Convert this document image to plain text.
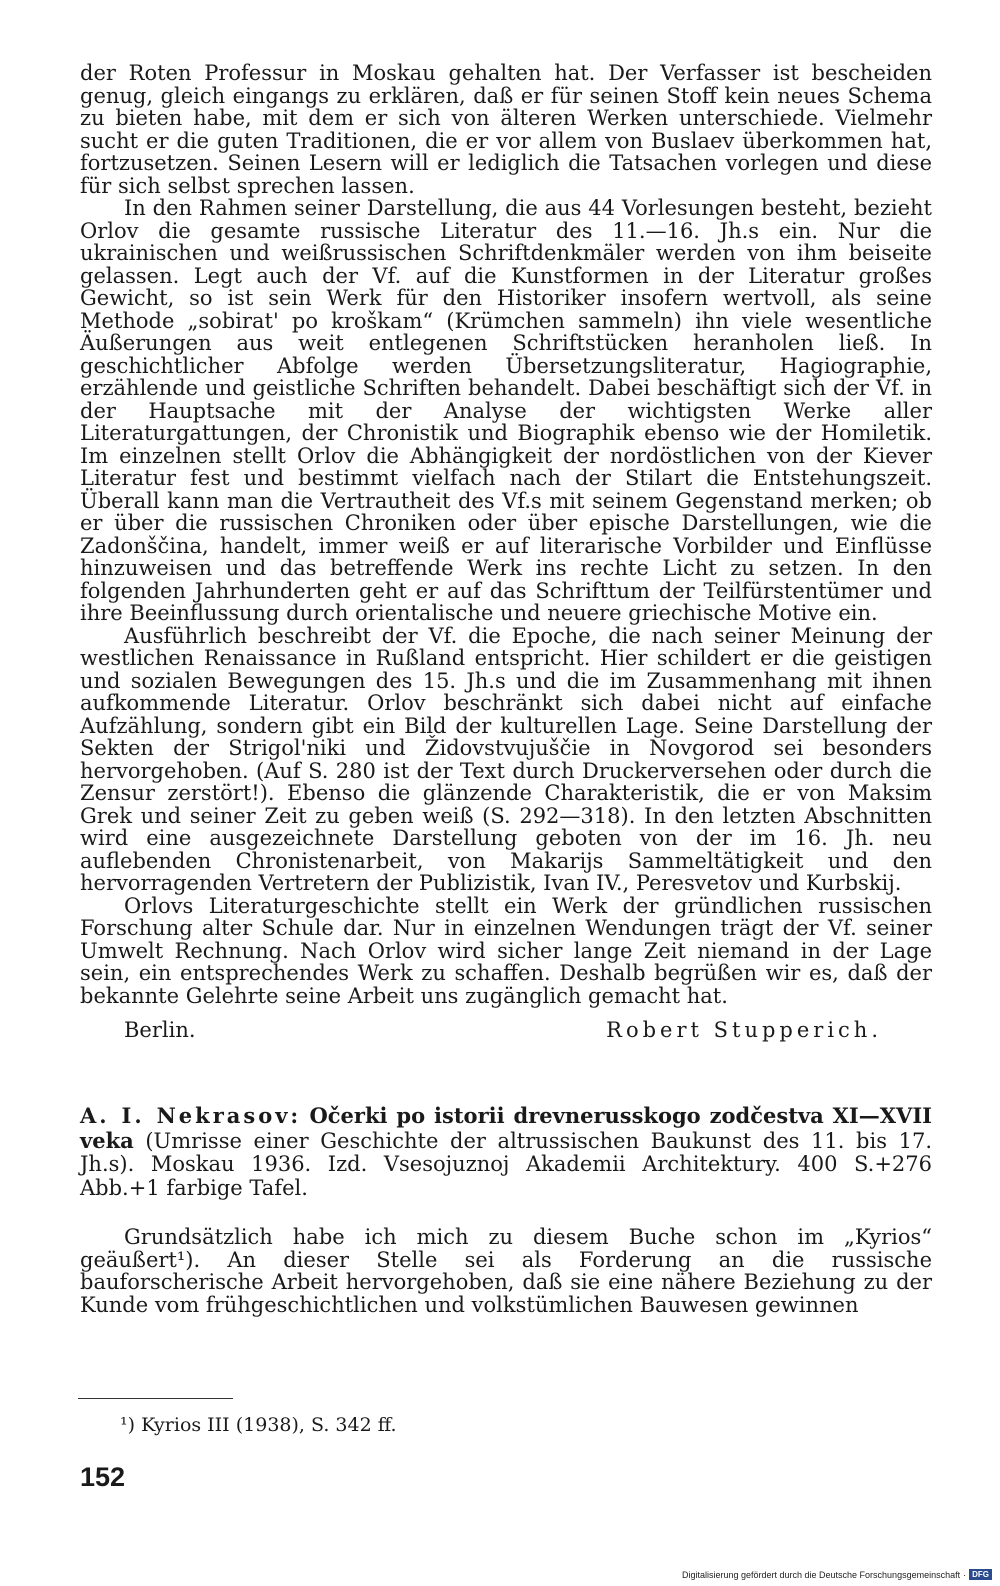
der Roten Professur in Moskau gehalten hat. Der Verfasser ist bescheiden genug, gleich eingangs zu erklären, daß er für seinen Stoff kein neues Schema zu bieten habe, mit dem er sich von älteren Werken unterschiede. Vielmehr sucht er die guten Traditionen, die er vor allem von Buslaev überkommen hat, fortzusetzen. Seinen Lesern will er lediglich die Tatsachen vorlegen und diese für sich selbst sprechen lassen.

In den Rahmen seiner Darstellung, die aus 44 Vorlesungen besteht, bezieht Orlov die gesamte russische Literatur des 11.—16. Jh.s ein. Nur die ukrainischen und weißrussischen Schriftdenkmäler werden von ihm beiseite gelassen. Legt auch der Vf. auf die Kunstformen in der Literatur großes Gewicht, so ist sein Werk für den Historiker insofern wertvoll, als seine Methode „sobirat' po kroškam“ (Krümchen sammeln) ihn viele wesentliche Äußerungen aus weit entlegenen Schriftstücken heranholen ließ. In geschichtlicher Abfolge werden Übersetzungsliteratur, Hagiographie, erzählende und geistliche Schriften behandelt. Dabei beschäftigt sich der Vf. in der Hauptsache mit der Analyse der wichtigsten Werke aller Literaturgattungen, der Chronistik und Biographik ebenso wie der Homiletik. Im einzelnen stellt Orlov die Abhängigkeit der nordöstlichen von der Kiever Literatur fest und bestimmt vielfach nach der Stilart die Entstehungszeit. Überall kann man die Vertrautheit des Vf.s mit seinem Gegenstand merken; ob er über die russischen Chroniken oder über epische Darstellungen, wie die Zadonščina, handelt, immer weiß er auf literarische Vorbilder und Einflüsse hinzuweisen und das betreffende Werk ins rechte Licht zu setzen. In den folgenden Jahrhunderten geht er auf das Schrifttum der Teilfürstentümer und ihre Beeinflussung durch orientalische und neuere griechische Motive ein.

Ausführlich beschreibt der Vf. die Epoche, die nach seiner Meinung der westlichen Renaissance in Rußland entspricht. Hier schildert er die geistigen und sozialen Bewegungen des 15. Jh.s und die im Zusammenhang mit ihnen aufkommende Literatur. Orlov beschränkt sich dabei nicht auf einfache Aufzählung, sondern gibt ein Bild der kulturellen Lage. Seine Darstellung der Sekten der Strigol'niki und Židovstvujuščie in Novgorod sei besonders hervorgehoben. (Auf S. 280 ist der Text durch Druckerversehen oder durch die Zensur zerstört!). Ebenso die glänzende Charakteristik, die er von Maksim Grek und seiner Zeit zu geben weiß (S. 292—318). In den letzten Abschnitten wird eine ausgezeichnete Darstellung geboten von der im 16. Jh. neu auflebenden Chronistenarbeit, von Makarijs Sammeltätigkeit und den hervorragenden Vertretern der Publizistik, Ivan IV., Peresvetov und Kurbskij.

Orlovs Literaturgeschichte stellt ein Werk der gründlichen russischen Forschung alter Schule dar. Nur in einzelnen Wendungen trägt der Vf. seiner Umwelt Rechnung. Nach Orlov wird sicher lange Zeit niemand in der Lage sein, ein entsprechendes Werk zu schaffen. Deshalb begrüßen wir es, daß der bekannte Gelehrte seine Arbeit uns zugänglich gemacht hat.

Berlin.	Robert Stupperich.
A. I. Nekrasov: Očerki po istorii drevnerusskogo zodčestva XI—XVII veka (Umrisse einer Geschichte der altrussischen Baukunst des 11. bis 17. Jh.s). Moskau 1936. Izd. Vsesojuznoj Akademii Architektury. 400 S.+276 Abb.+1 farbige Tafel.

Grundsätzlich habe ich mich zu diesem Buche schon im „Kyrios“ geäußert¹). An dieser Stelle sei als Forderung an die russische bauforscherische Arbeit hervorgehoben, daß sie eine nähere Beziehung zu der Kunde vom frühgeschichtlichen und volkstümlichen Bauwesen gewinnen

¹) Kyrios III (1938), S. 342 ff.
152
Digitalisierung gefördert durch die Deutsche Forschungsgemeinschaft · DFG
